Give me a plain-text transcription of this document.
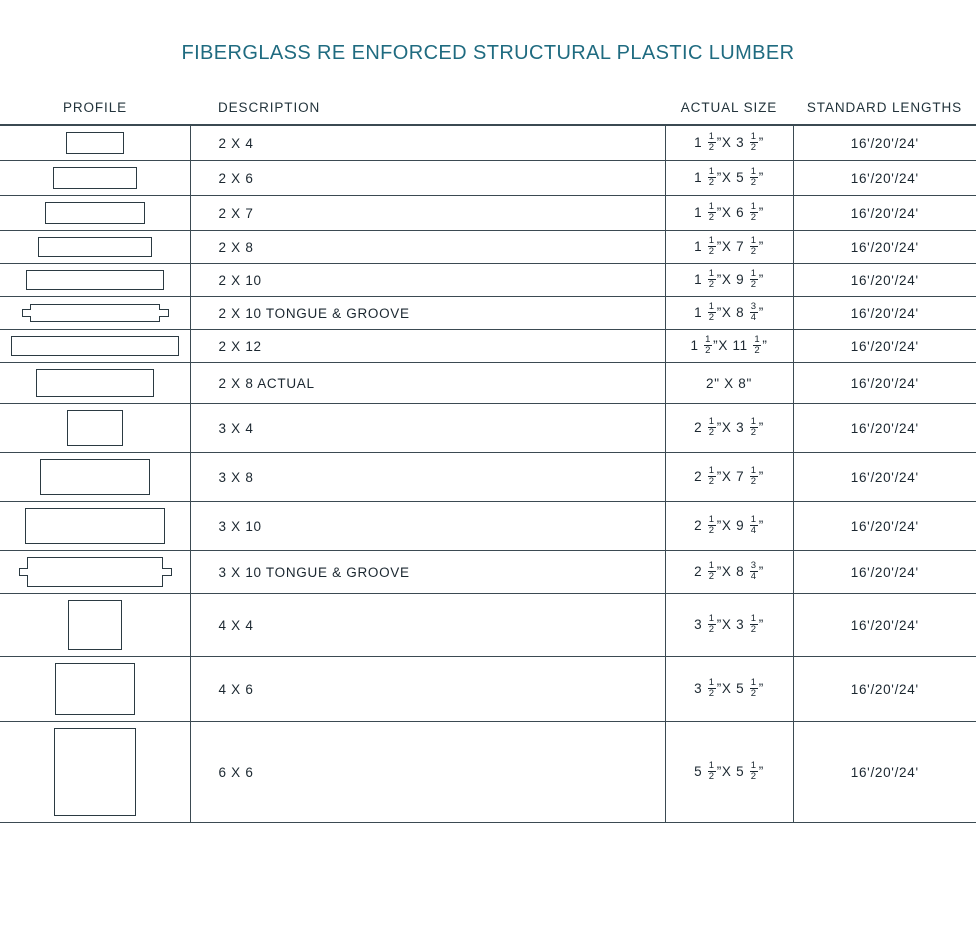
FIBERGLASS RE ENFORCED STRUCTURAL PLASTIC LUMBER
PROFILE	DESCRIPTION	ACTUAL SIZE	STANDARD LENGTHS

	2 X 4	$1 \frac{1}{2}$ ”X $3 \frac{1}{2}$ ”	16'/20'/24'

	2 X 6	$1 \frac{1}{2}$ ”X $5 \frac{1}{2}$ ”	16'/20'/24'

	2 X 7	$1 \frac{1}{2}$ ”X $6 \frac{1}{2}$ ”	16'/20'/24'

	2 X 8	$1 \frac{1}{2}$ ”X $7 \frac{1}{2}$ ”	16'/20'/24'

	2 X 10	$1 \frac{1}{2}$ ”X $9 \frac{1}{2}$ ”	16'/20'/24'

	2 X 10 TONGUE & GROOVE	$1 \frac{1}{2}$ ”X $8 \frac{3}{4}$ ”	16'/20'/24'

	2 X 12	$1 \frac{1}{2}$ ”X $11 \frac{1}{2}$ ”	16'/20'/24'

	2 X 8 ACTUAL	2" X 8"	16'/20'/24'

	3 X 4	$2 \frac{1}{2}$ ”X $3 \frac{1}{2}$ ”	16'/20'/24'

	3 X 8	$2 \frac{1}{2}$ ”X $7 \frac{1}{2}$ ”	16'/20'/24'

	3 X 10	$2 \frac{1}{2}$ ”X $9 \frac{1}{4}$ ”	16'/20'/24'

	3 X 10 TONGUE & GROOVE	$2 \frac{1}{2}$ ”X $8 \frac{3}{4}$ ”	16'/20'/24'

	4 X 4	$3 \frac{1}{2}$ ”X $3 \frac{1}{2}$ ”	16'/20'/24'

	4 X 6	$3 \frac{1}{2}$ ”X $5 \frac{1}{2}$ ”	16'/20'/24'

	6 X 6	$5 \frac{1}{2}$ ”X $5 \frac{1}{2}$ ”	16'/20'/24'
